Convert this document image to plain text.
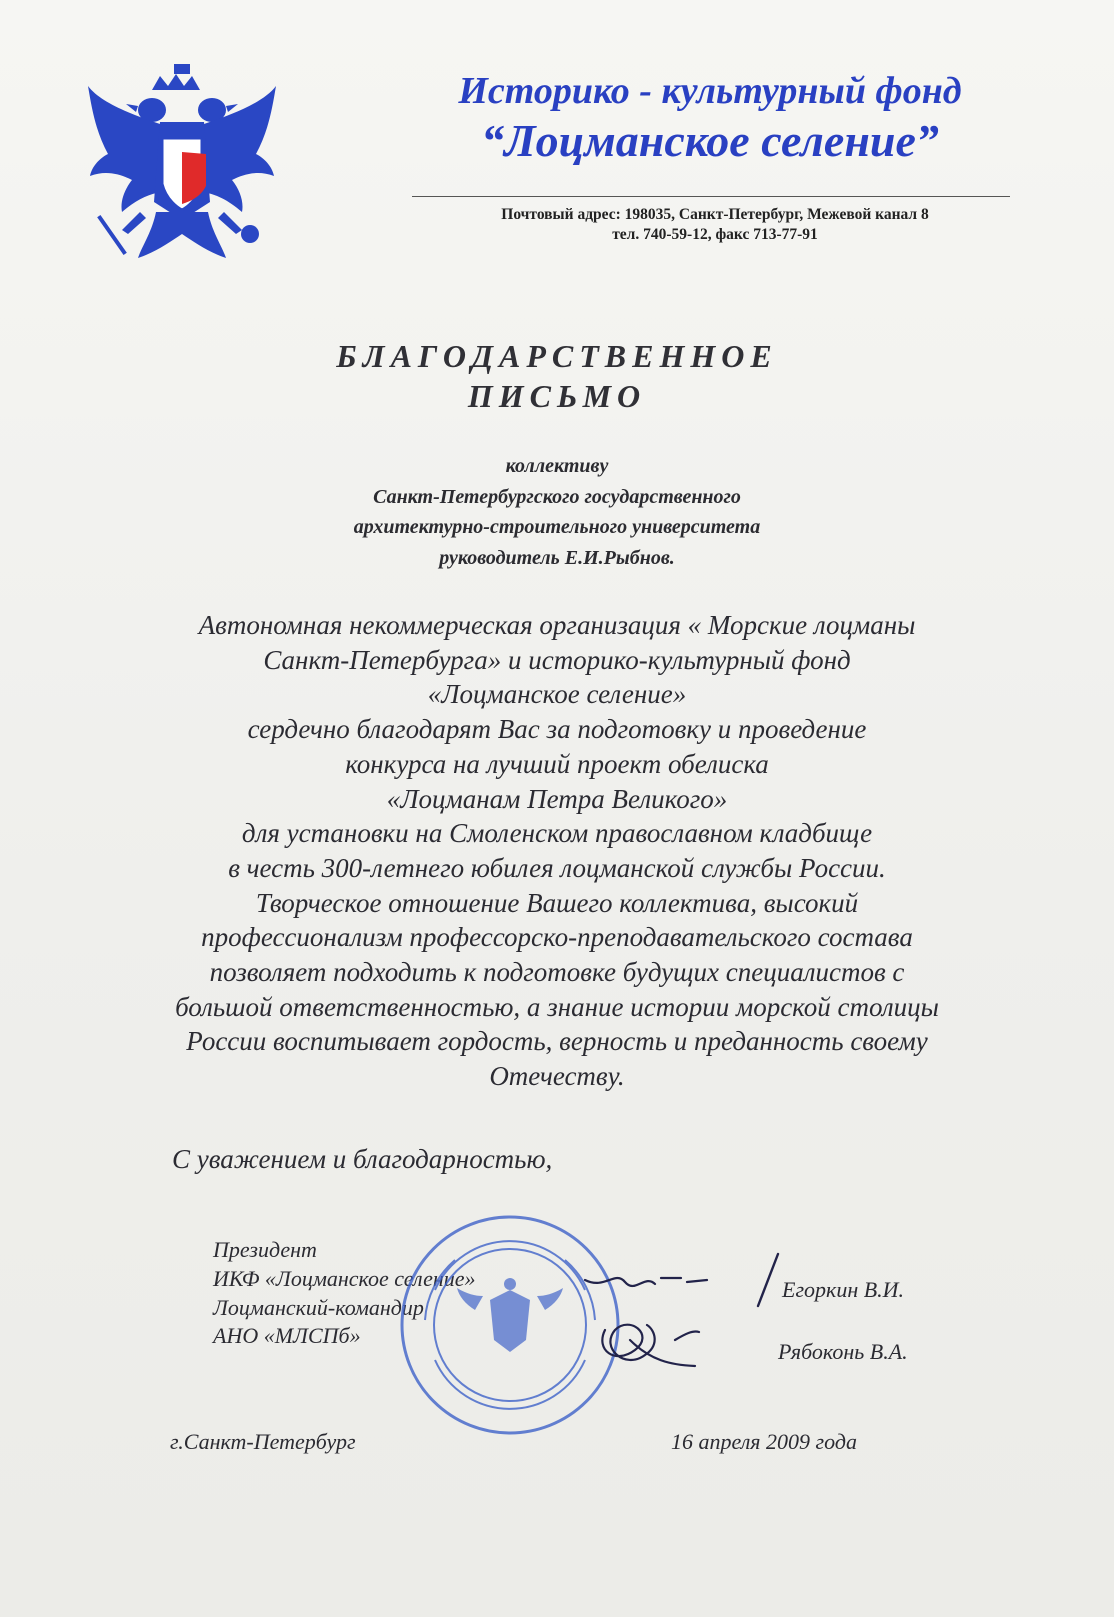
Историко - культурный фонд
“Лоцманское селение”
Почтовый адрес: 198035, Санкт-Петербург, Межевой канал 8
тел. 740-59-12, факс 713-77-91
БЛАГОДАРСТВЕННОЕ
ПИСЬМО
коллективу
Санкт-Петербургского государственного
архитектурно-строительного университета
руководитель Е.И.Рыбнов.
Автономная некоммерческая организация « Морские лоцманы
Санкт-Петербурга» и историко-культурный фонд
«Лоцманское селение»
сердечно благодарят Вас за подготовку и проведение
конкурса на лучший проект обелиска
«Лоцманам Петра Великого»
для установки на Смоленском православном кладбище
в честь 300-летнего юбилея лоцманской службы России.
Творческое отношение Вашего коллектива, высокий
профессионализм профессорско-преподавательского состава
позволяет подходить к подготовке будущих специалистов с
большой ответственностью, а знание истории морской столицы
России воспитывает гордость, верность и преданность своему
Отечеству.
С уважением и благодарностью,
Президент
ИКФ «Лоцманское селение»
Лоцманский-командир
АНО «МЛСПб»
Егоркин В.И.
Рябоконь В.А.
г.Санкт-Петербург	16 апреля 2009 года
